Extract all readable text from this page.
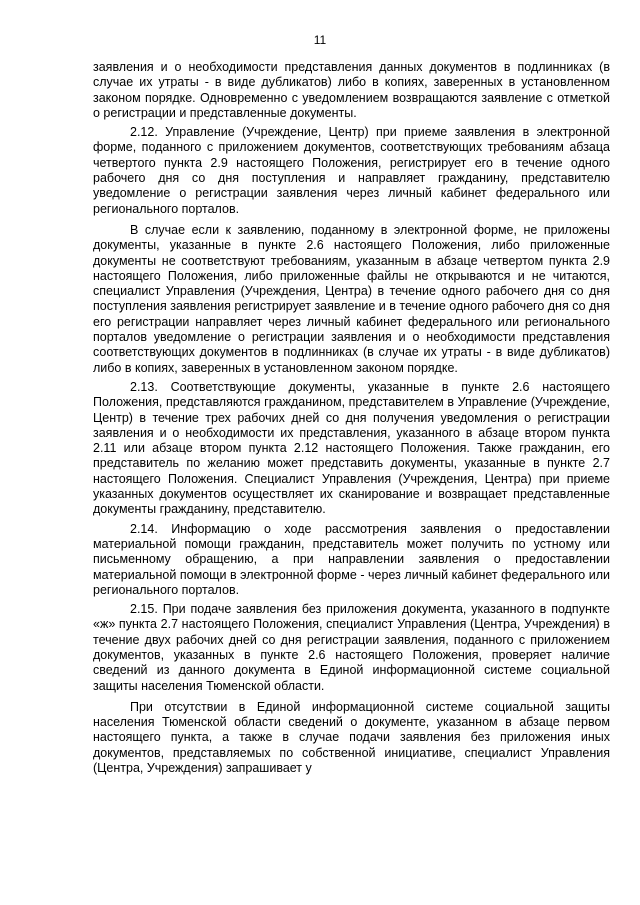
11

заявления и о необходимости представления данных документов в подлинниках (в случае их утраты - в виде дубликатов) либо в копиях, заверенных в установленном законом порядке. Одновременно с уведомлением возвращаются заявление с отметкой о регистрации и представленные документы.

2.12. Управление (Учреждение, Центр) при приеме заявления в электронной форме, поданного с приложением документов, соответствующих требованиям абзаца четвертого пункта 2.9 настоящего Положения, регистрирует его в течение одного рабочего дня со дня поступления и направляет гражданину, представителю уведомление о регистрации заявления через личный кабинет федерального или регионального порталов.

В случае если к заявлению, поданному в электронной форме, не приложены документы, указанные в пункте 2.6 настоящего Положения, либо приложенные документы не соответствуют требованиям, указанным в абзаце четвертом пункта 2.9 настоящего Положения, либо приложенные файлы не открываются и не читаются, специалист Управления (Учреждения, Центра) в течение одного рабочего дня со дня поступления заявления регистрирует заявление и в течение одного рабочего дня со дня его регистрации направляет через личный кабинет федерального или регионального порталов уведомление о регистрации заявления и о необходимости представления соответствующих документов в подлинниках (в случае их утраты - в виде дубликатов) либо в копиях, заверенных в установленном законом порядке.

2.13. Соответствующие документы, указанные в пункте 2.6 настоящего Положения, представляются гражданином, представителем в Управление (Учреждение, Центр) в течение трех рабочих дней со дня получения уведомления о регистрации заявления и о необходимости их представления, указанного в абзаце втором пункта 2.11 или абзаце втором пункта 2.12 настоящего Положения. Также гражданин, его представитель по желанию может представить документы, указанные в пункте 2.7 настоящего Положения. Специалист Управления (Учреждения, Центра) при приеме указанных документов осуществляет их сканирование и возвращает представленные документы гражданину, представителю.

2.14. Информацию о ходе рассмотрения заявления о предоставлении материальной помощи гражданин, представитель может получить по устному или письменному обращению, а при направлении заявления о предоставлении материальной помощи в электронной форме - через личный кабинет федерального или регионального порталов.

2.15. При подаче заявления без приложения документа, указанного в подпункте «ж» пункта 2.7 настоящего Положения, специалист Управления (Центра, Учреждения) в течение двух рабочих дней со дня регистрации заявления, поданного с приложением документов, указанных в пункте 2.6 настоящего Положения, проверяет наличие сведений из данного документа в Единой информационной системе социальной защиты населения Тюменской области.

При отсутствии в Единой информационной системе социальной защиты населения Тюменской области сведений о документе, указанном в абзаце первом настоящего пункта, а также в случае подачи заявления без приложения иных документов, представляемых по собственной инициативе, специалист Управления (Центра, Учреждения) запрашивает у
